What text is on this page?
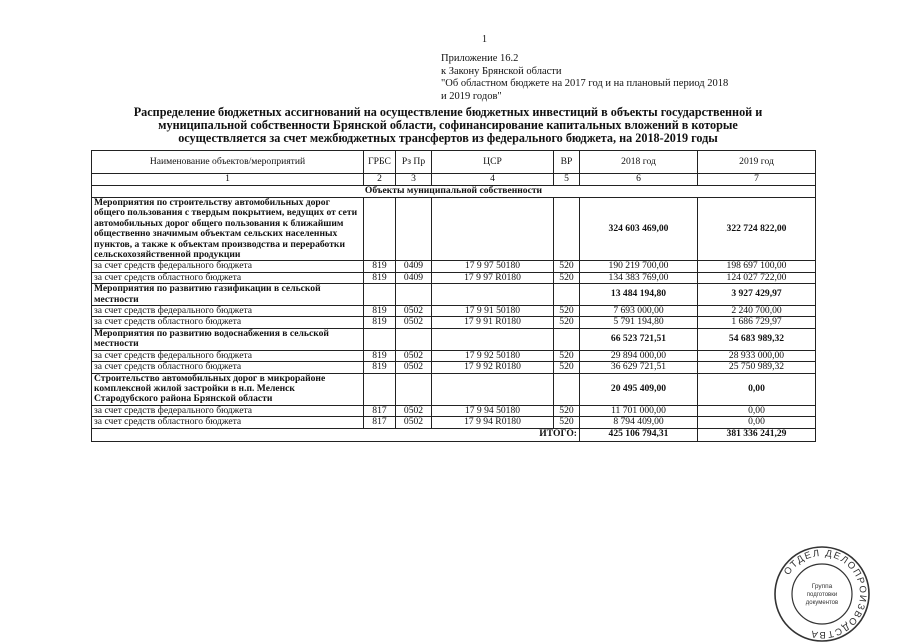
1
Приложение 16.2
к Закону Брянской области
"Об областном бюджете на 2017 год и на плановый период 2018
и 2019 годов"
Распределение бюджетных ассигнований на осуществление бюджетных инвестиций в объекты государственной и
муниципальной собственности Брянской области, софинансирование капитальных вложений в которые
осуществляется за счет межбюджетных трансфертов из федерального бюджета, на 2018-2019 годы
Наименование объектов/мероприятий	ГРБС	Рз Пр	ЦСР	ВР	2018 год	2019 год
1	2	3	4	5	6	7
Объекты муниципальной собственности						
Мероприятия по строительству автомобильных дорог общего пользования с твердым покрытием, ведущих от сети автомобильных дорог общего пользования к ближайшим общественно значимым объектам сельских населенных пунктов, а также к объектам производства и переработки сельскохозяйственной продукции					324 603 469,00	322 724 822,00
за счет средств федерального бюджета	819	0409	17 9 97 50180	520	190 219 700,00	198 697 100,00
за счет средств областного бюджета	819	0409	17 9 97 R0180	520	134 383 769,00	124 027 722,00
Мероприятия по развитию газификации в сельской местности					13 484 194,80	3 927 429,97
за счет средств федерального бюджета	819	0502	17 9 91 50180	520	7 693 000,00	2 240 700,00
за счет средств областного бюджета	819	0502	17 9 91 R0180	520	5 791 194,80	1 686 729,97
Мероприятия по развитию водоснабжения в сельской местности					66 523 721,51	54 683 989,32
за счет средств федерального бюджета	819	0502	17 9 92 50180	520	29 894 000,00	28 933 000,00
за счет средств областного бюджета	819	0502	17 9 92 R0180	520	36 629 721,51	25 750 989,32
Строительство автомобильных дорог в микрорайоне комплексной жилой застройки в н.п. Меленск Стародубского района Брянской области					20 495 409,00	0,00
за счет средств федерального бюджета	817	0502	17 9 94 50180	520	11 701 000,00	0,00
за счет средств областного бюджета	817	0502	17 9 94 R0180	520	8 794 409,00	0,00
ИТОГО:					425 106 794,31	381 336 241,29
ОТДЕЛ ДЕЛОПРОИЗВОДСТВА
Группа
подготовки
документов
